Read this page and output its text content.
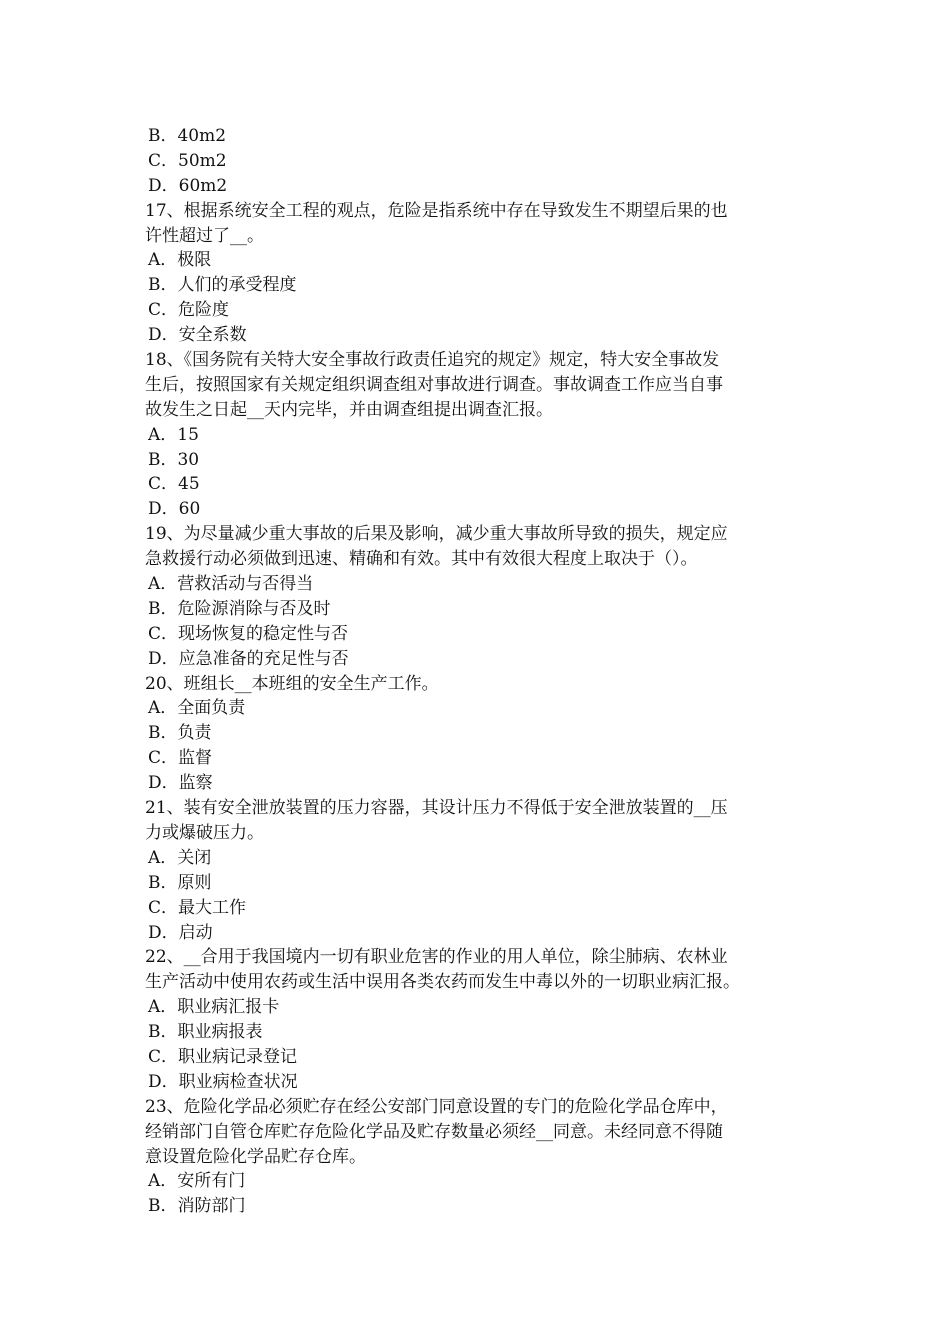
B．40m2
C．50m2
D．60m2
17、根据系统安全工程的观点，危险是指系统中存在导致发生不期望后果的也
许性超过了__。
A．极限
B．人们的承受程度
C．危险度
D．安全系数
18、《国务院有关特大安全事故行政责任追究的规定》规定，特大安全事故发
生后，按照国家有关规定组织调查组对事故进行调查。事故调查工作应当自事
故发生之日起__天内完毕，并由调查组提出调查汇报。
A．15
B．30
C．45
D．60
19、为尽量减少重大事故的后果及影响，减少重大事故所导致的损失，规定应
急救援行动必须做到迅速、精确和有效。其中有效很大程度上取决于（）。
A．营救活动与否得当
B．危险源消除与否及时
C．现场恢复的稳定性与否
D．应急准备的充足性与否
20、班组长__本班组的安全生产工作。
A．全面负责
B．负责
C．监督
D．监察
21、装有安全泄放装置的压力容器，其设计压力不得低于安全泄放装置的__压
力或爆破压力。
A．关闭
B．原则
C．最大工作
D．启动
22、__合用于我国境内一切有职业危害的作业的用人单位，除尘肺病、农林业
生产活动中使用农药或生活中误用各类农药而发生中毒以外的一切职业病汇报。
A．职业病汇报卡
B．职业病报表
C．职业病记录登记
D．职业病检查状况
23、危险化学品必须贮存在经公安部门同意设置的专门的危险化学品仓库中，
经销部门自管仓库贮存危险化学品及贮存数量必须经__同意。未经同意不得随
意设置危险化学品贮存仓库。
A．安所有门
B．消防部门
